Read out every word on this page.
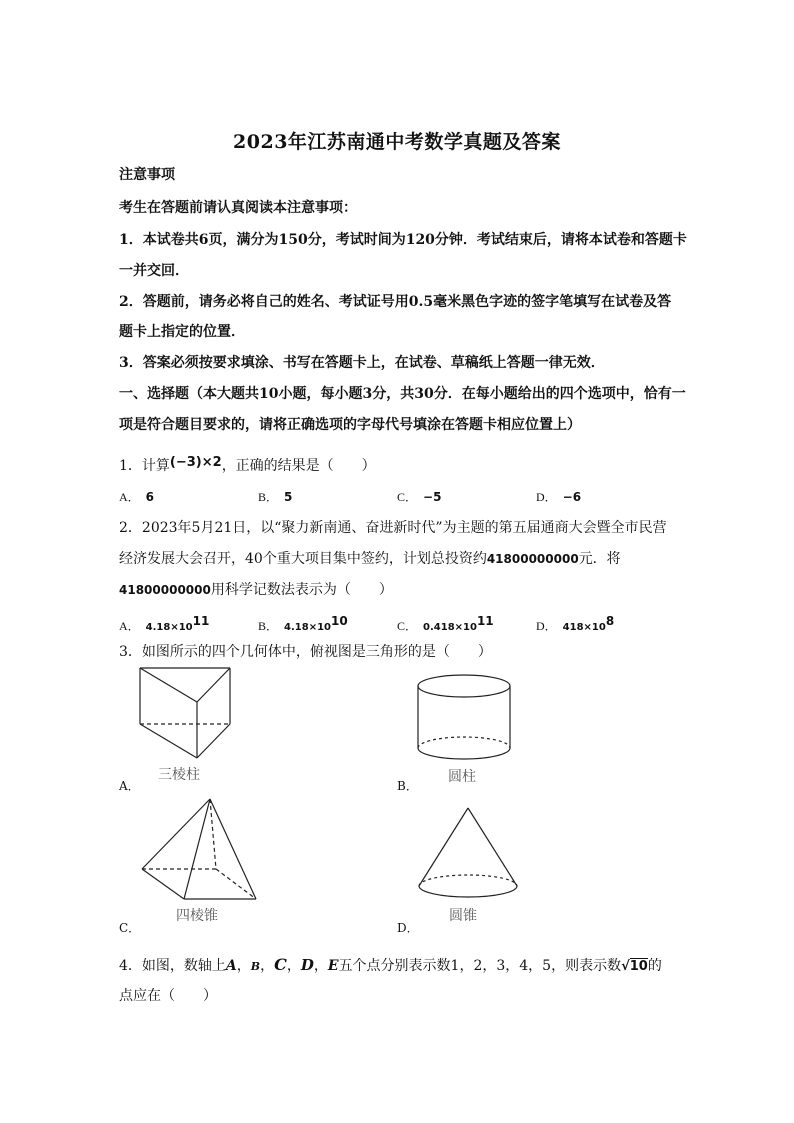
2023年江苏南通中考数学真题及答案
注意事项
考生在答题前请认真阅读本注意事项：
1．本试卷共6页，满分为150分，考试时间为120分钟．考试结束后，请将本试卷和答题卡
一并交回．
2．答题前，请务必将自己的姓名、考试证号用0.5毫米黑色字迹的签字笔填写在试卷及答
题卡上指定的位置．
3．答案必须按要求填涂、书写在答题卡上，在试卷、草稿纸上答题一律无效．
一、选择题（本大题共10小题，每小题3分，共30分．在每小题给出的四个选项中，恰有一
项是符合题目要求的，请将正确选项的字母代号填涂在答题卡相应位置上）
1．计算(−3)×2，正确的结果是（　　）
A． 6	B． 5	C． −5	D． −6
2．2023年5月21日，以“聚力新南通、奋进新时代”为主题的第五届通商大会暨全市民营
经济发展大会召开，40个重大项目集中签约，计划总投资约41800000000元．将
41800000000用科学记数法表示为（　　）
A． $4.18\times 10^{11}$	B． $4.18\times 10^{10}$	C． $0.418\times 10^{11}$	D． $418\times 10^8$
3．如图所示的四个几何体中，俯视图是三角形的是（　　）
三棱柱
A．
圆柱
B．
四棱锥
C．
圆锥
D．
4．如图，数轴上A，B，C，D，E五个点分别表示数1，2，3，4，5，则表示数√10的
点应在（　　）
